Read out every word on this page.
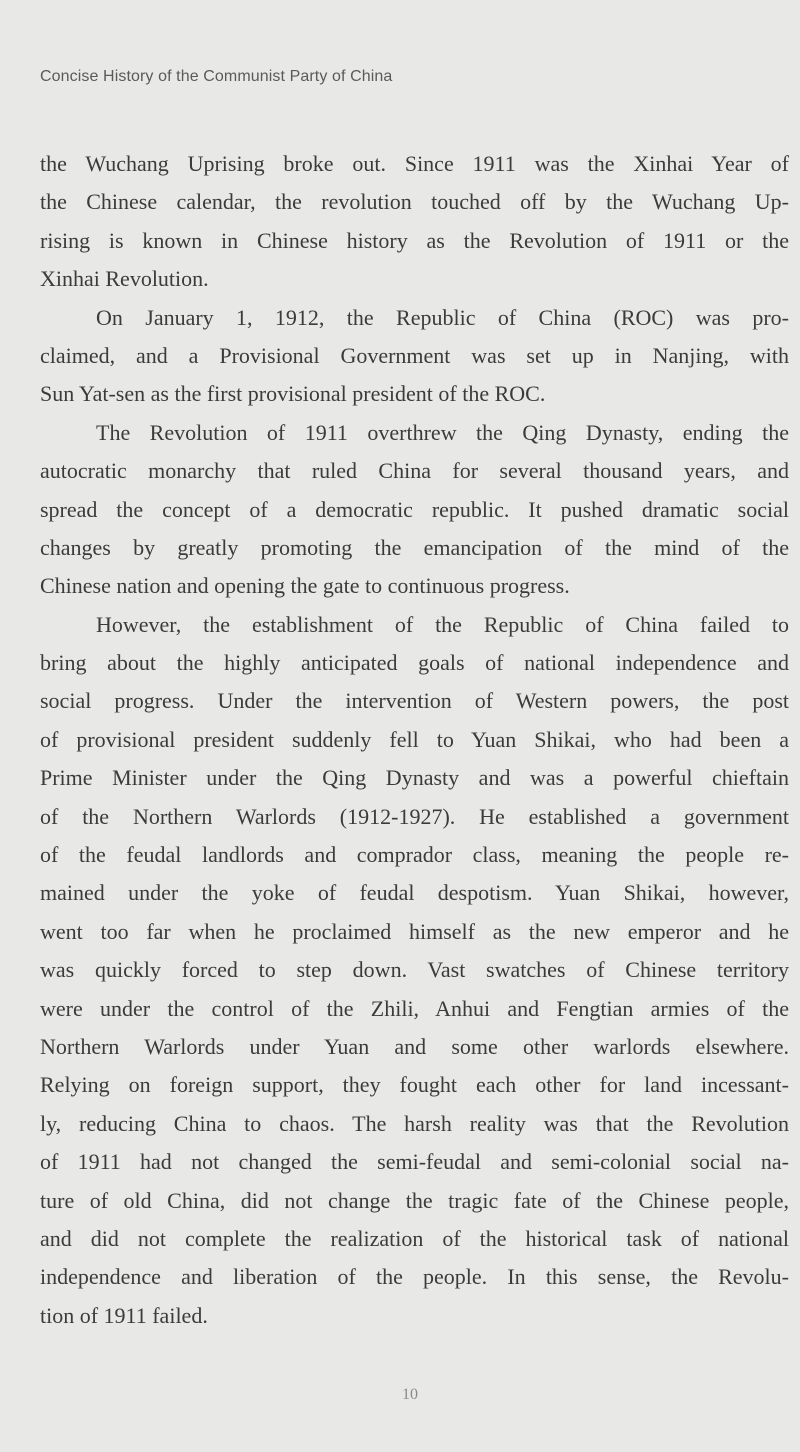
Concise History of the Communist Party of China
the Wuchang Uprising broke out. Since 1911 was the Xinhai Year of
the Chinese calendar, the revolution touched off by the Wuchang Up-
rising is known in Chinese history as the Revolution of 1911 or the
Xinhai Revolution.
On January 1, 1912, the Republic of China (ROC) was pro-
claimed, and a Provisional Government was set up in Nanjing, with
Sun Yat-sen as the first provisional president of the ROC.
The Revolution of 1911 overthrew the Qing Dynasty, ending the
autocratic monarchy that ruled China for several thousand years, and
spread the concept of a democratic republic. It pushed dramatic social
changes by greatly promoting the emancipation of the mind of the
Chinese nation and opening the gate to continuous progress.
However, the establishment of the Republic of China failed to
bring about the highly anticipated goals of national independence and
social progress. Under the intervention of Western powers, the post
of provisional president suddenly fell to Yuan Shikai, who had been a
Prime Minister under the Qing Dynasty and was a powerful chieftain
of the Northern Warlords (1912-1927). He established a government
of the feudal landlords and comprador class, meaning the people re-
mained under the yoke of feudal despotism. Yuan Shikai, however,
went too far when he proclaimed himself as the new emperor and he
was quickly forced to step down. Vast swatches of Chinese territory
were under the control of the Zhili, Anhui and Fengtian armies of the
Northern Warlords under Yuan and some other warlords elsewhere.
Relying on foreign support, they fought each other for land incessant-
ly, reducing China to chaos. The harsh reality was that the Revolution
of 1911 had not changed the semi-feudal and semi-colonial social na-
ture of old China, did not change the tragic fate of the Chinese people,
and did not complete the realization of the historical task of national
independence and liberation of the people. In this sense, the Revolu-
tion of 1911 failed.
10
